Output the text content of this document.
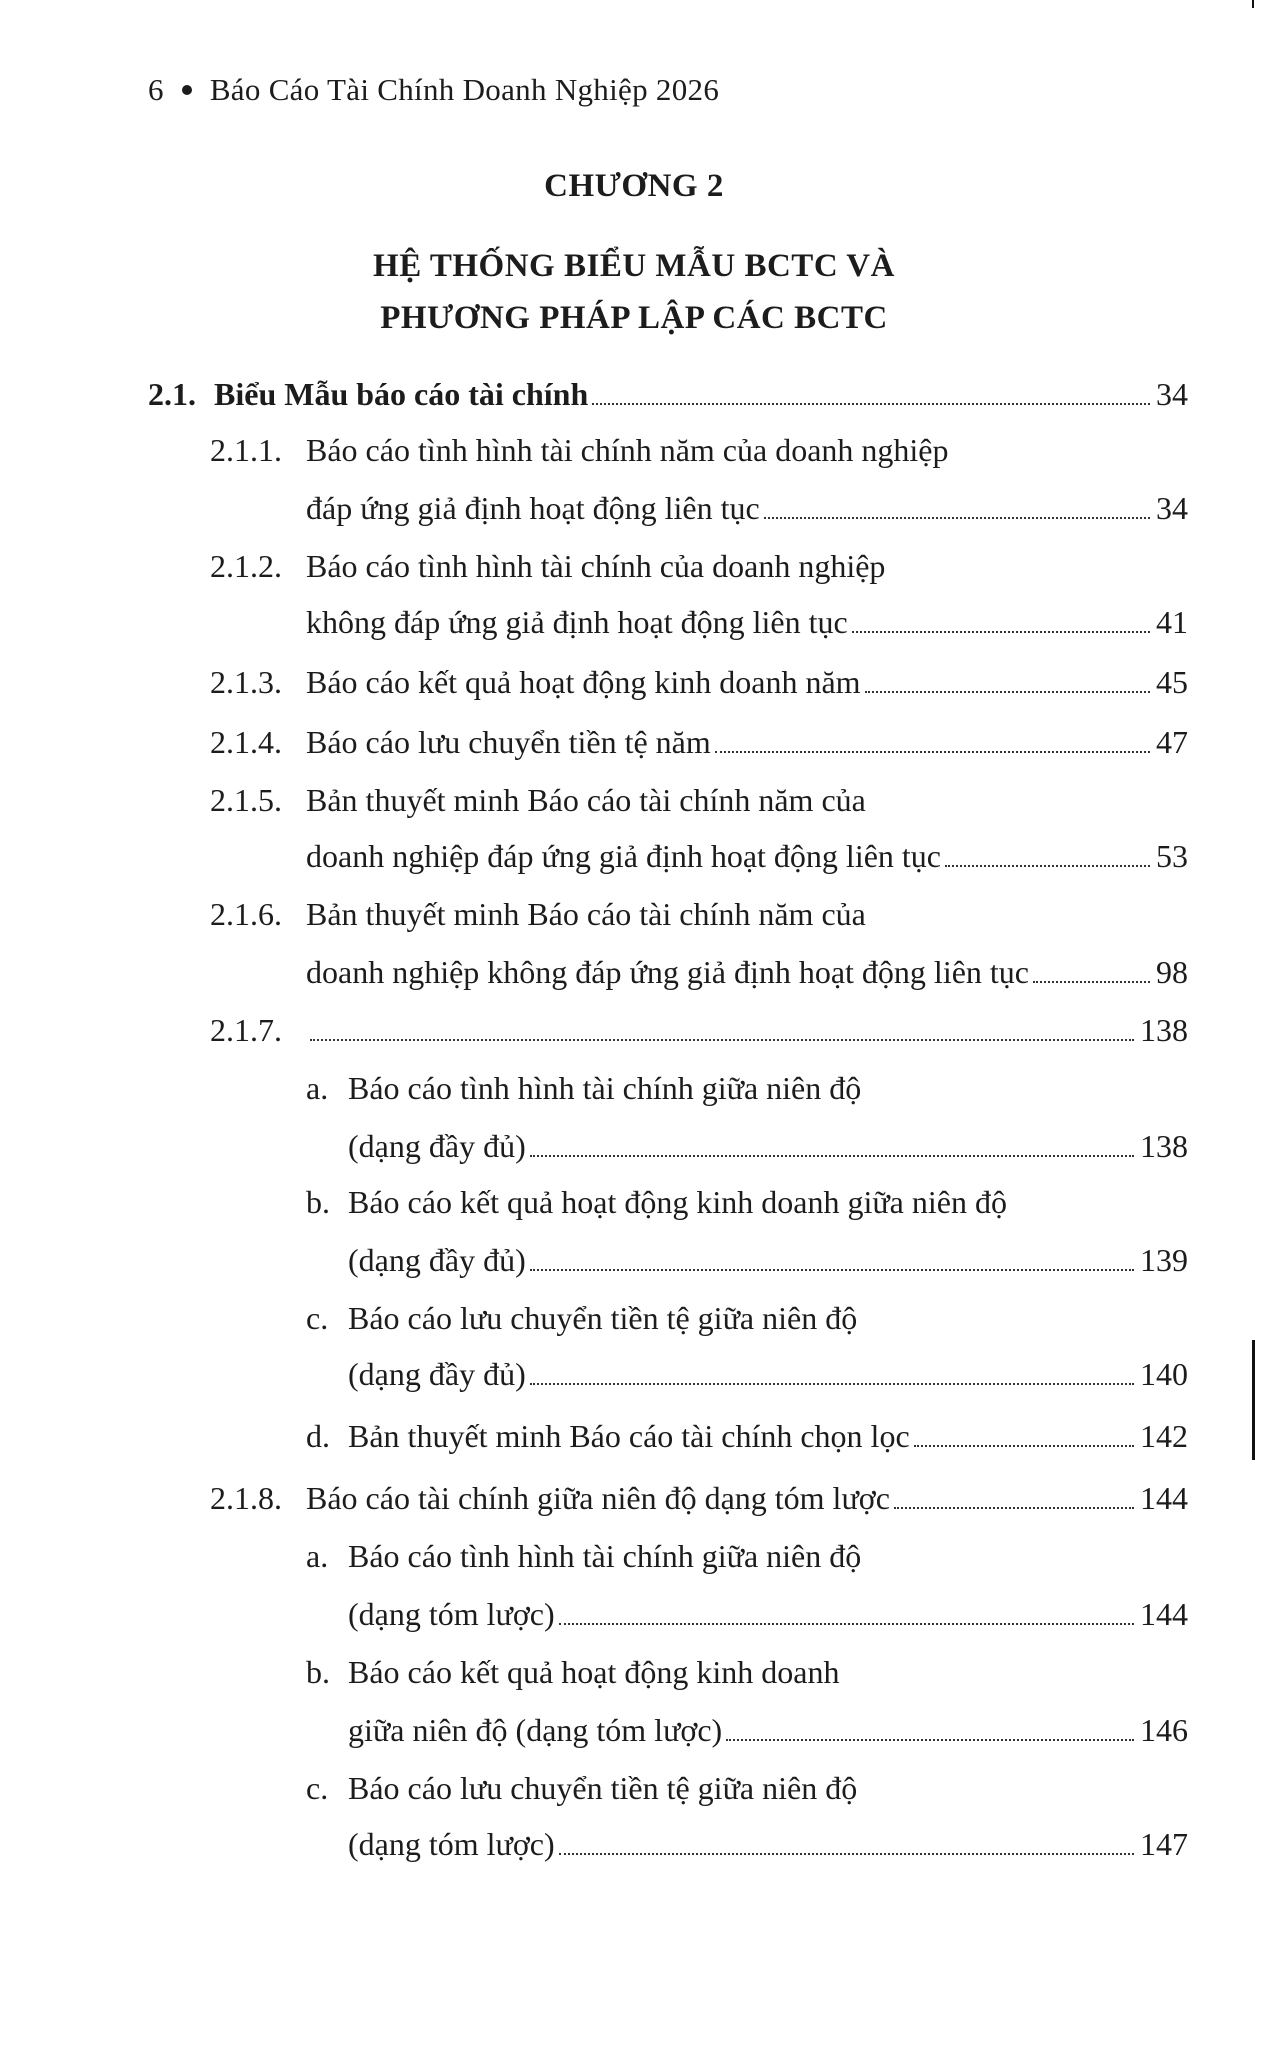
6 Báo Cáo Tài Chính Doanh Nghiệp 2026
CHƯƠNG 2
HỆ THỐNG BIỂU MẪU BCTC VÀ
PHƯƠNG PHÁP LẬP CÁC BCTC
2.1. Biểu Mẫu báo cáo tài chính	34
2.1.1. Báo cáo tình hình tài chính năm của doanh nghiệp
đáp ứng giả định hoạt động liên tục	34
2.1.2. Báo cáo tình hình tài chính của doanh nghiệp
không đáp ứng giả định hoạt động liên tục	41
2.1.3. Báo cáo kết quả hoạt động kinh doanh năm	45
2.1.4. Báo cáo lưu chuyển tiền tệ năm	47
2.1.5. Bản thuyết minh Báo cáo tài chính năm của
doanh nghiệp đáp ứng giả định hoạt động liên tục	53
2.1.6. Bản thuyết minh Báo cáo tài chính năm của
doanh nghiệp không đáp ứng giả định hoạt động liên tục	98
2.1.7.	138
a. Báo cáo tình hình tài chính giữa niên độ
(dạng đầy đủ)	138
b. Báo cáo kết quả hoạt động kinh doanh giữa niên độ
(dạng đầy đủ)	139
c. Báo cáo lưu chuyển tiền tệ giữa niên độ
(dạng đầy đủ)	140
d. Bản thuyết minh Báo cáo tài chính chọn lọc	142
2.1.8. Báo cáo tài chính giữa niên độ dạng tóm lược	144
a. Báo cáo tình hình tài chính giữa niên độ
(dạng tóm lược)	144
b. Báo cáo kết quả hoạt động kinh doanh
giữa niên độ (dạng tóm lược)	146
c. Báo cáo lưu chuyển tiền tệ giữa niên độ
(dạng tóm lược)	147
